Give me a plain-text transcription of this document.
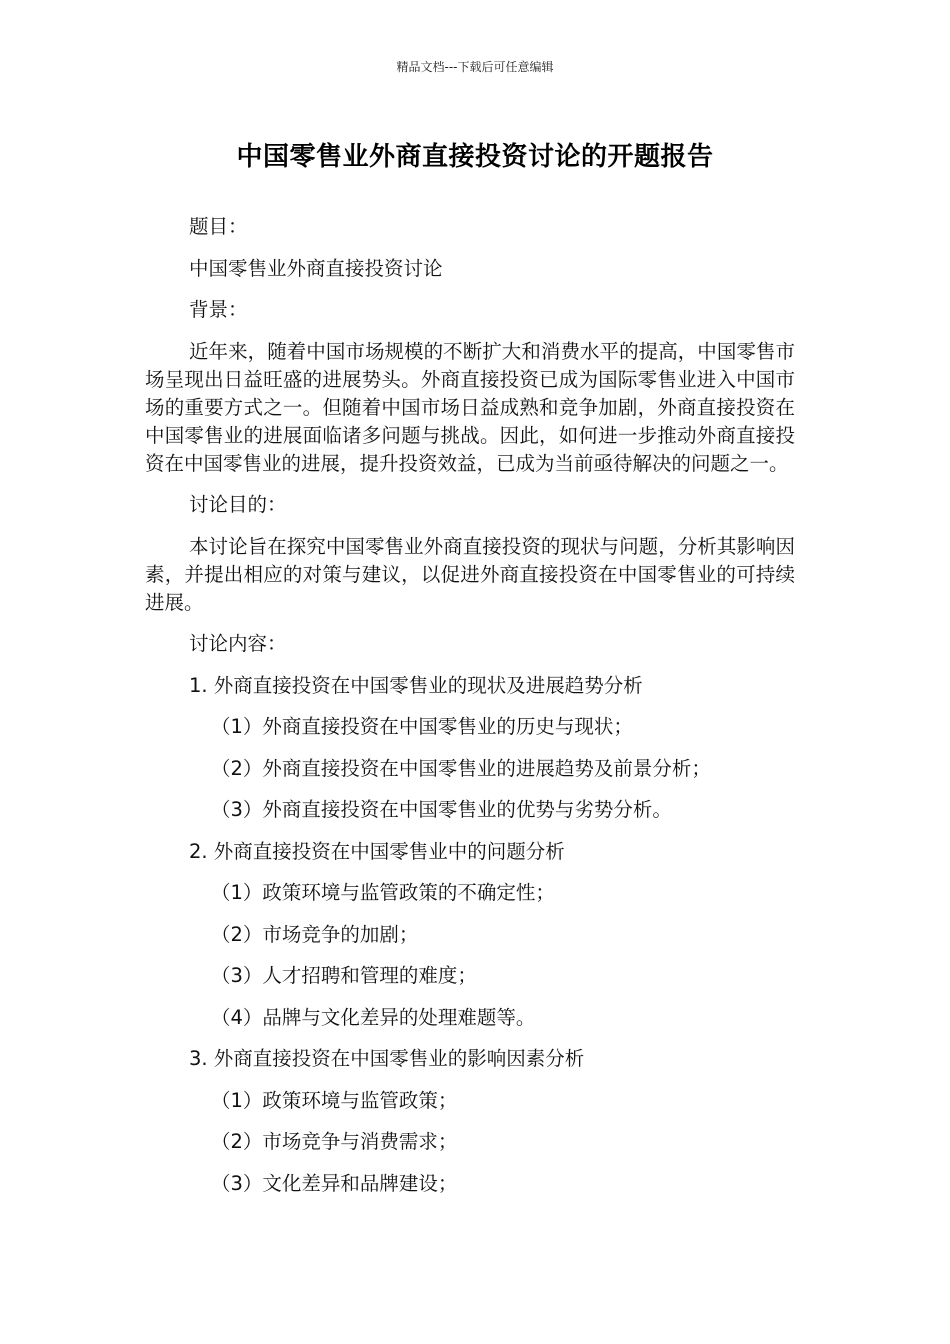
精品文档---下载后可任意编辑
中国零售业外商直接投资讨论的开题报告

题目：

中国零售业外商直接投资讨论

背景：

近年来，随着中国市场规模的不断扩大和消费水平的提高，中国零售市场呈现出日益旺盛的进展势头。外商直接投资已成为国际零售业进入中国市场的重要方式之一。但随着中国市场日益成熟和竞争加剧，外商直接投资在中国零售业的进展面临诸多问题与挑战。因此，如何进一步推动外商直接投资在中国零售业的进展，提升投资效益，已成为当前亟待解决的问题之一。

讨论目的：

本讨论旨在探究中国零售业外商直接投资的现状与问题，分析其影响因素，并提出相应的对策与建议，以促进外商直接投资在中国零售业的可持续进展。

讨论内容：

1. 外商直接投资在中国零售业的现状及进展趋势分析

（1）外商直接投资在中国零售业的历史与现状；

（2）外商直接投资在中国零售业的进展趋势及前景分析；

（3）外商直接投资在中国零售业的优势与劣势分析。

2. 外商直接投资在中国零售业中的问题分析

（1）政策环境与监管政策的不确定性；

（2）市场竞争的加剧；

（3）人才招聘和管理的难度；

（4）品牌与文化差异的处理难题等。

3. 外商直接投资在中国零售业的影响因素分析

（1）政策环境与监管政策；

（2）市场竞争与消费需求；

（3）文化差异和品牌建设；
